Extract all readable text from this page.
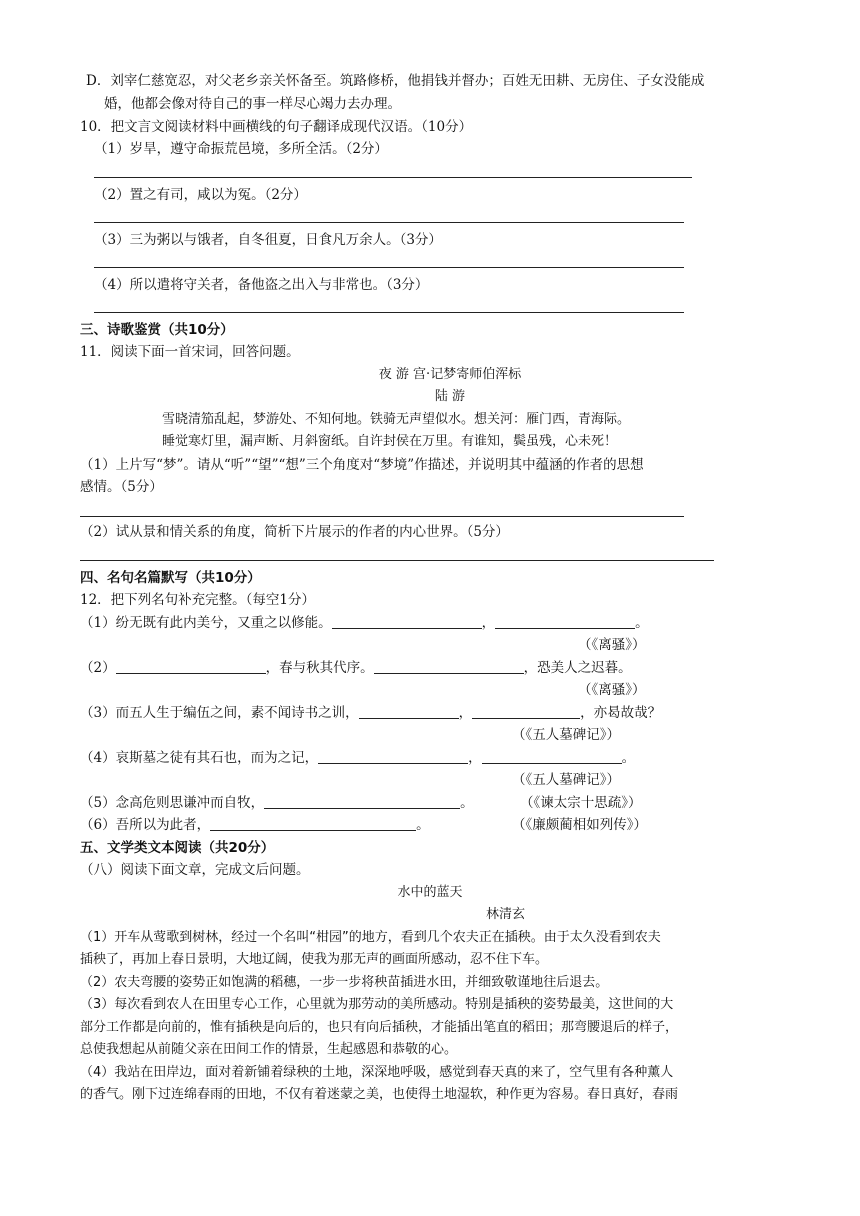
D．刘宰仁慈宽忍，对父老乡亲关怀备至。筑路修桥，他捐钱并督办；百姓无田耕、无房住、子女没能成
婚，他都会像对待自己的事一样尽心竭力去办理。
10．把文言文阅读材料中画横线的句子翻译成现代汉语。（10分）
（1）岁旱，遵守命振荒邑境，多所全活。（2分）
（2）置之有司，咸以为冤。（2分）
（3）三为粥以与饿者，自冬徂夏，日食凡万余人。（3分）
（4）所以遣将守关者，备他盗之出入与非常也。（3分）
三、诗歌鉴赏（共10分）
11．阅读下面一首宋词，回答问题。
夜 游 宫·记梦寄师伯浑标
陆 游
雪晓清笳乱起，梦游处、不知何地。铁骑无声望似水。想关河：雁门西，青海际。
睡觉寒灯里，漏声断、月斜窗纸。自许封侯在万里。有谁知，鬓虽残，心未死！
（1）上片写“梦”。请从“听”“望”“想”三个角度对“梦境”作描述，并说明其中蕴涵的作者的思想
感情。（5分）
（2）试从景和情关系的角度，简析下片展示的作者的内心世界。（5分）
四、名句名篇默写（共10分）
12．把下列名句补充完整。（每空1分）
（1）纷无既有此内美兮，又重之以修能。	，	。
（《离骚》）
（2）	，春与秋其代序。	，恐美人之迟暮。
（《离骚》）
（3）而五人生于编伍之间，素不闻诗书之训，	，	，亦曷故哉？
（《五人墓碑记》）
（4）哀斯墓之徒有其石也，而为之记，	，	。
（《五人墓碑记》）
（5）念高危则思谦冲而自牧，	。	（《谏太宗十思疏》）
（6）吾所以为此者，	。	（《廉颇蔺相如列传》）
五、文学类文本阅读（共20分）
（八）阅读下面文章，完成文后问题。
水中的蓝天
林清玄
（1）开车从莺歌到树林，经过一个名叫“柑园”的地方，看到几个农夫正在插秧。由于太久没看到农夫
插秧了，再加上春日景明，大地辽阔，使我为那无声的画面所感动，忍不住下车。
（2）农夫弯腰的姿势正如饱满的稻穗，一步一步将秧苗插进水田，并细致敬谨地往后退去。
（3）每次看到农人在田里专心工作，心里就为那劳动的美所感动。特别是插秧的姿势最美，这世间的大
部分工作都是向前的，惟有插秧是向后的，也只有向后插秧，才能插出笔直的稻田；那弯腰退后的样子，
总使我想起从前随父亲在田间工作的情景，生起感恩和恭敬的心。
（4）我站在田岸边，面对着新铺着绿秧的土地，深深地呼吸，感觉到春天真的来了，空气里有各种薰人
的香气。刚下过连绵春雨的田地，不仅有着迷蒙之美，也使得土地湿软，种作更为容易。春日真好，春雨
